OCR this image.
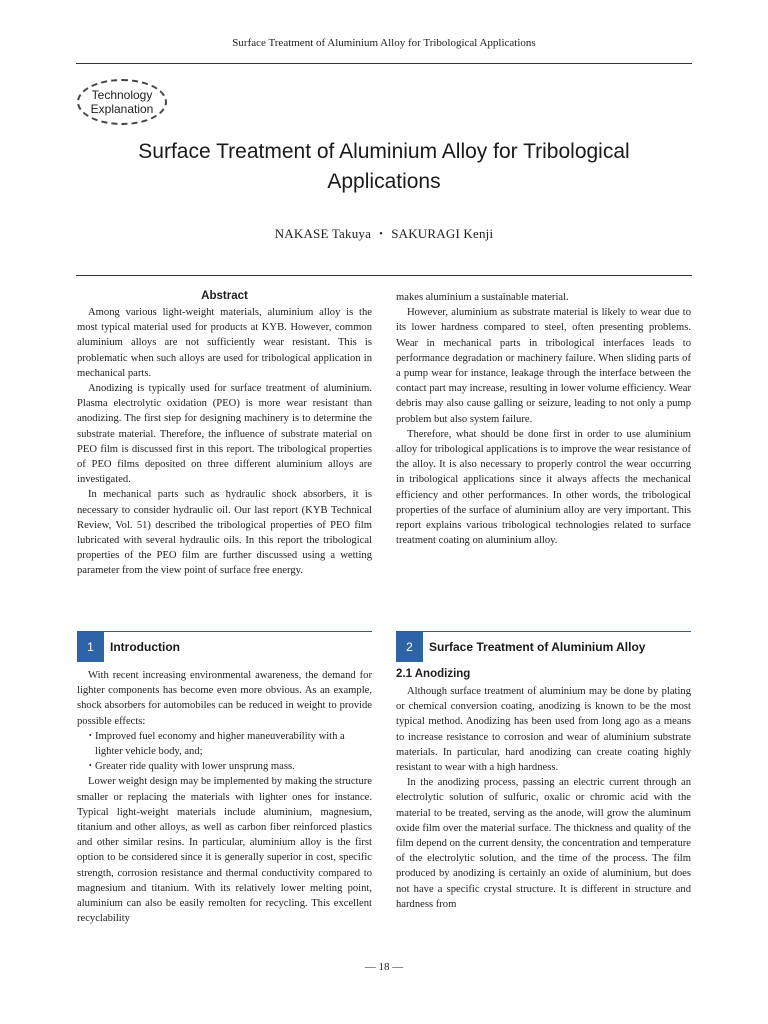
Surface Treatment of Aluminium Alloy for Tribological Applications
Technology
Explanation
Surface Treatment of Aluminium Alloy for Tribological Applications
NAKASE Takuya ・ SAKURAGI Kenji
Abstract

Among various light-weight materials, aluminium alloy is the most typical material used for products at KYB. However, common aluminium alloys are not sufficiently wear resistant. This is problematic when such alloys are used for tribological application in mechanical parts.

Anodizing is typically used for surface treatment of aluminium. Plasma electrolytic oxidation (PEO) is more wear resistant than anodizing. The first step for designing machinery is to determine the substrate material. Therefore, the influence of substrate material on PEO film is discussed first in this report. The tribological properties of PEO films deposited on three different aluminium alloys are investigated.

In mechanical parts such as hydraulic shock absorbers, it is necessary to consider hydraulic oil. Our last report (KYB Technical Review, Vol. 51) described the tribological properties of PEO film lubricated with several hydraulic oils. In this report the tribological properties of the PEO film are further discussed using a wetting parameter from the view point of surface free energy.

makes aluminium a sustainable material.

However, aluminium as substrate material is likely to wear due to its lower hardness compared to steel, often presenting problems. Wear in mechanical parts in tribological interfaces leads to performance degradation or machinery failure. When sliding parts of a pump wear for instance, leakage through the interface between the contact part may increase, resulting in lower volume efficiency. Wear debris may also cause galling or seizure, leading to not only a pump problem but also system failure.

Therefore, what should be done first in order to use aluminium alloy for tribological applications is to improve the wear resistance of the alloy. It is also necessary to properly control the wear occurring in tribological applications since it always affects the mechanical efficiency and other performances. In other words, the tribological properties of the surface of aluminium alloy are very important. This report explains various tribological technologies related to surface treatment coating on aluminium alloy.

1	Introduction

With recent increasing environmental awareness, the demand for lighter components has become even more obvious. As an example, shock absorbers for automobiles can be reduced in weight to provide possible effects:

・ Improved fuel economy and higher maneuverability with a lighter vehicle body, and;
・ Greater ride quality with lower unsprung mass.

Lower weight design may be implemented by making the structure smaller or replacing the materials with lighter ones for instance. Typical light-weight materials include aluminium, magnesium, titanium and other alloys, as well as carbon fiber reinforced plastics and other similar resins. In particular, aluminium alloy is the first option to be considered since it is generally superior in cost, specific strength, corrosion resistance and thermal conductivity compared to magnesium and titanium. With its relatively lower melting point, aluminium can also be easily remolten for recycling. This excellent recyclability

2	Surface Treatment of Aluminium Alloy
2.1 Anodizing

Although surface treatment of aluminium may be done by plating or chemical conversion coating, anodizing is known to be the most typical method. Anodizing has been used from long ago as a means to increase resistance to corrosion and wear of aluminium substrate materials. In particular, hard anodizing can create coating highly resistant to wear with a high hardness.

In the anodizing process, passing an electric current through an electrolytic solution of sulfuric, oxalic or chromic acid with the material to be treated, serving as the anode, will grow the aluminum oxide film over the material surface. The thickness and quality of the film depend on the current density, the concentration and temperature of the electrolytic solution, and the time of the process. The film produced by anodizing is certainly an oxide of aluminium, but does not have a specific crystal structure. It is different in structure and hardness from

— 18 —
